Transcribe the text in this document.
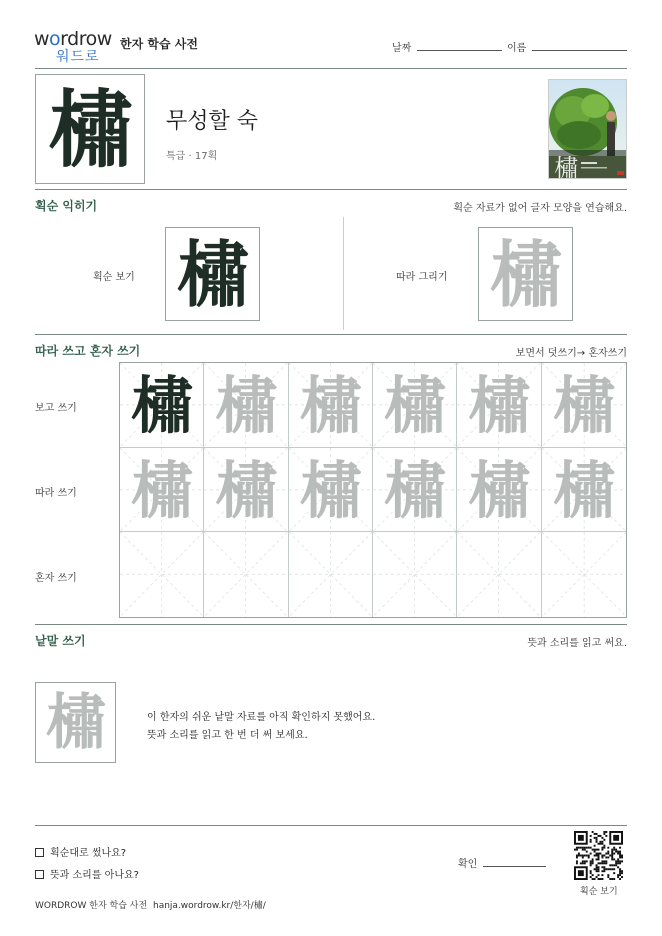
wordrow
워드로
한자 학습 사전	날짜	이름
橚	무성할 숙
특급 · 17획	橚
획순 익히기	획순 자료가 없어 글자 모양을 연습해요.
획순 보기 橚	따라 그리기 橚
따라 쓰고 혼자 쓰기	보면서 덧쓰기→ 혼자쓰기
보고 쓰기
따라 쓰기
혼자 쓰기
橚 橚 橚 橚 橚 橚
橚 橚 橚 橚 橚 橚
낱말 쓰기	뜻과 소리를 읽고 써요.
橚	이 한자의 쉬운 낱말 자료를 아직 확인하지 못했어요.
뜻과 소리를 읽고 한 번 더 써 보세요.
획순대로 썼나요?
뜻과 소리를 아나요?
확인
획순 보기
WORDROW 한자 학습 사전 hanja.wordrow.kr/한자/橚/
